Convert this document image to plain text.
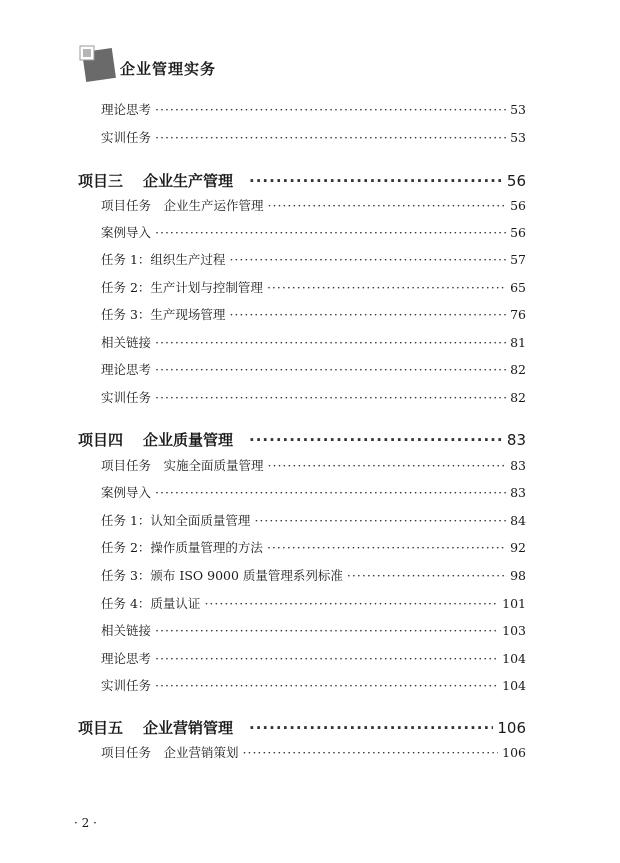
企业管理实务
理论思考 ·····	53
实训任务 ·····	53
项目三 企业生产管理 ·····	56
项目任务　企业生产运作管理 ·····	56
案例导入 ·····	56
任务 1：组织生产过程 ·····	57
任务 2：生产计划与控制管理 ·····	65
任务 3：生产现场管理 ·····	76
相关链接 ·····	81
理论思考 ·····	82
实训任务 ·····	82
项目四 企业质量管理 ·····	83
项目任务　实施全面质量管理 ·····	83
案例导入 ·····	83
任务 1：认知全面质量管理 ·····	84
任务 2：操作质量管理的方法 ·····	92
任务 3：颁布 ISO 9000 质量管理系列标准 ·····	98
任务 4：质量认证 ·····	101
相关链接 ·····	103
理论思考 ·····	104
实训任务 ·····	104
项目五 企业营销管理 ·····	106
项目任务　企业营销策划 ·····	106
· 2 ·
